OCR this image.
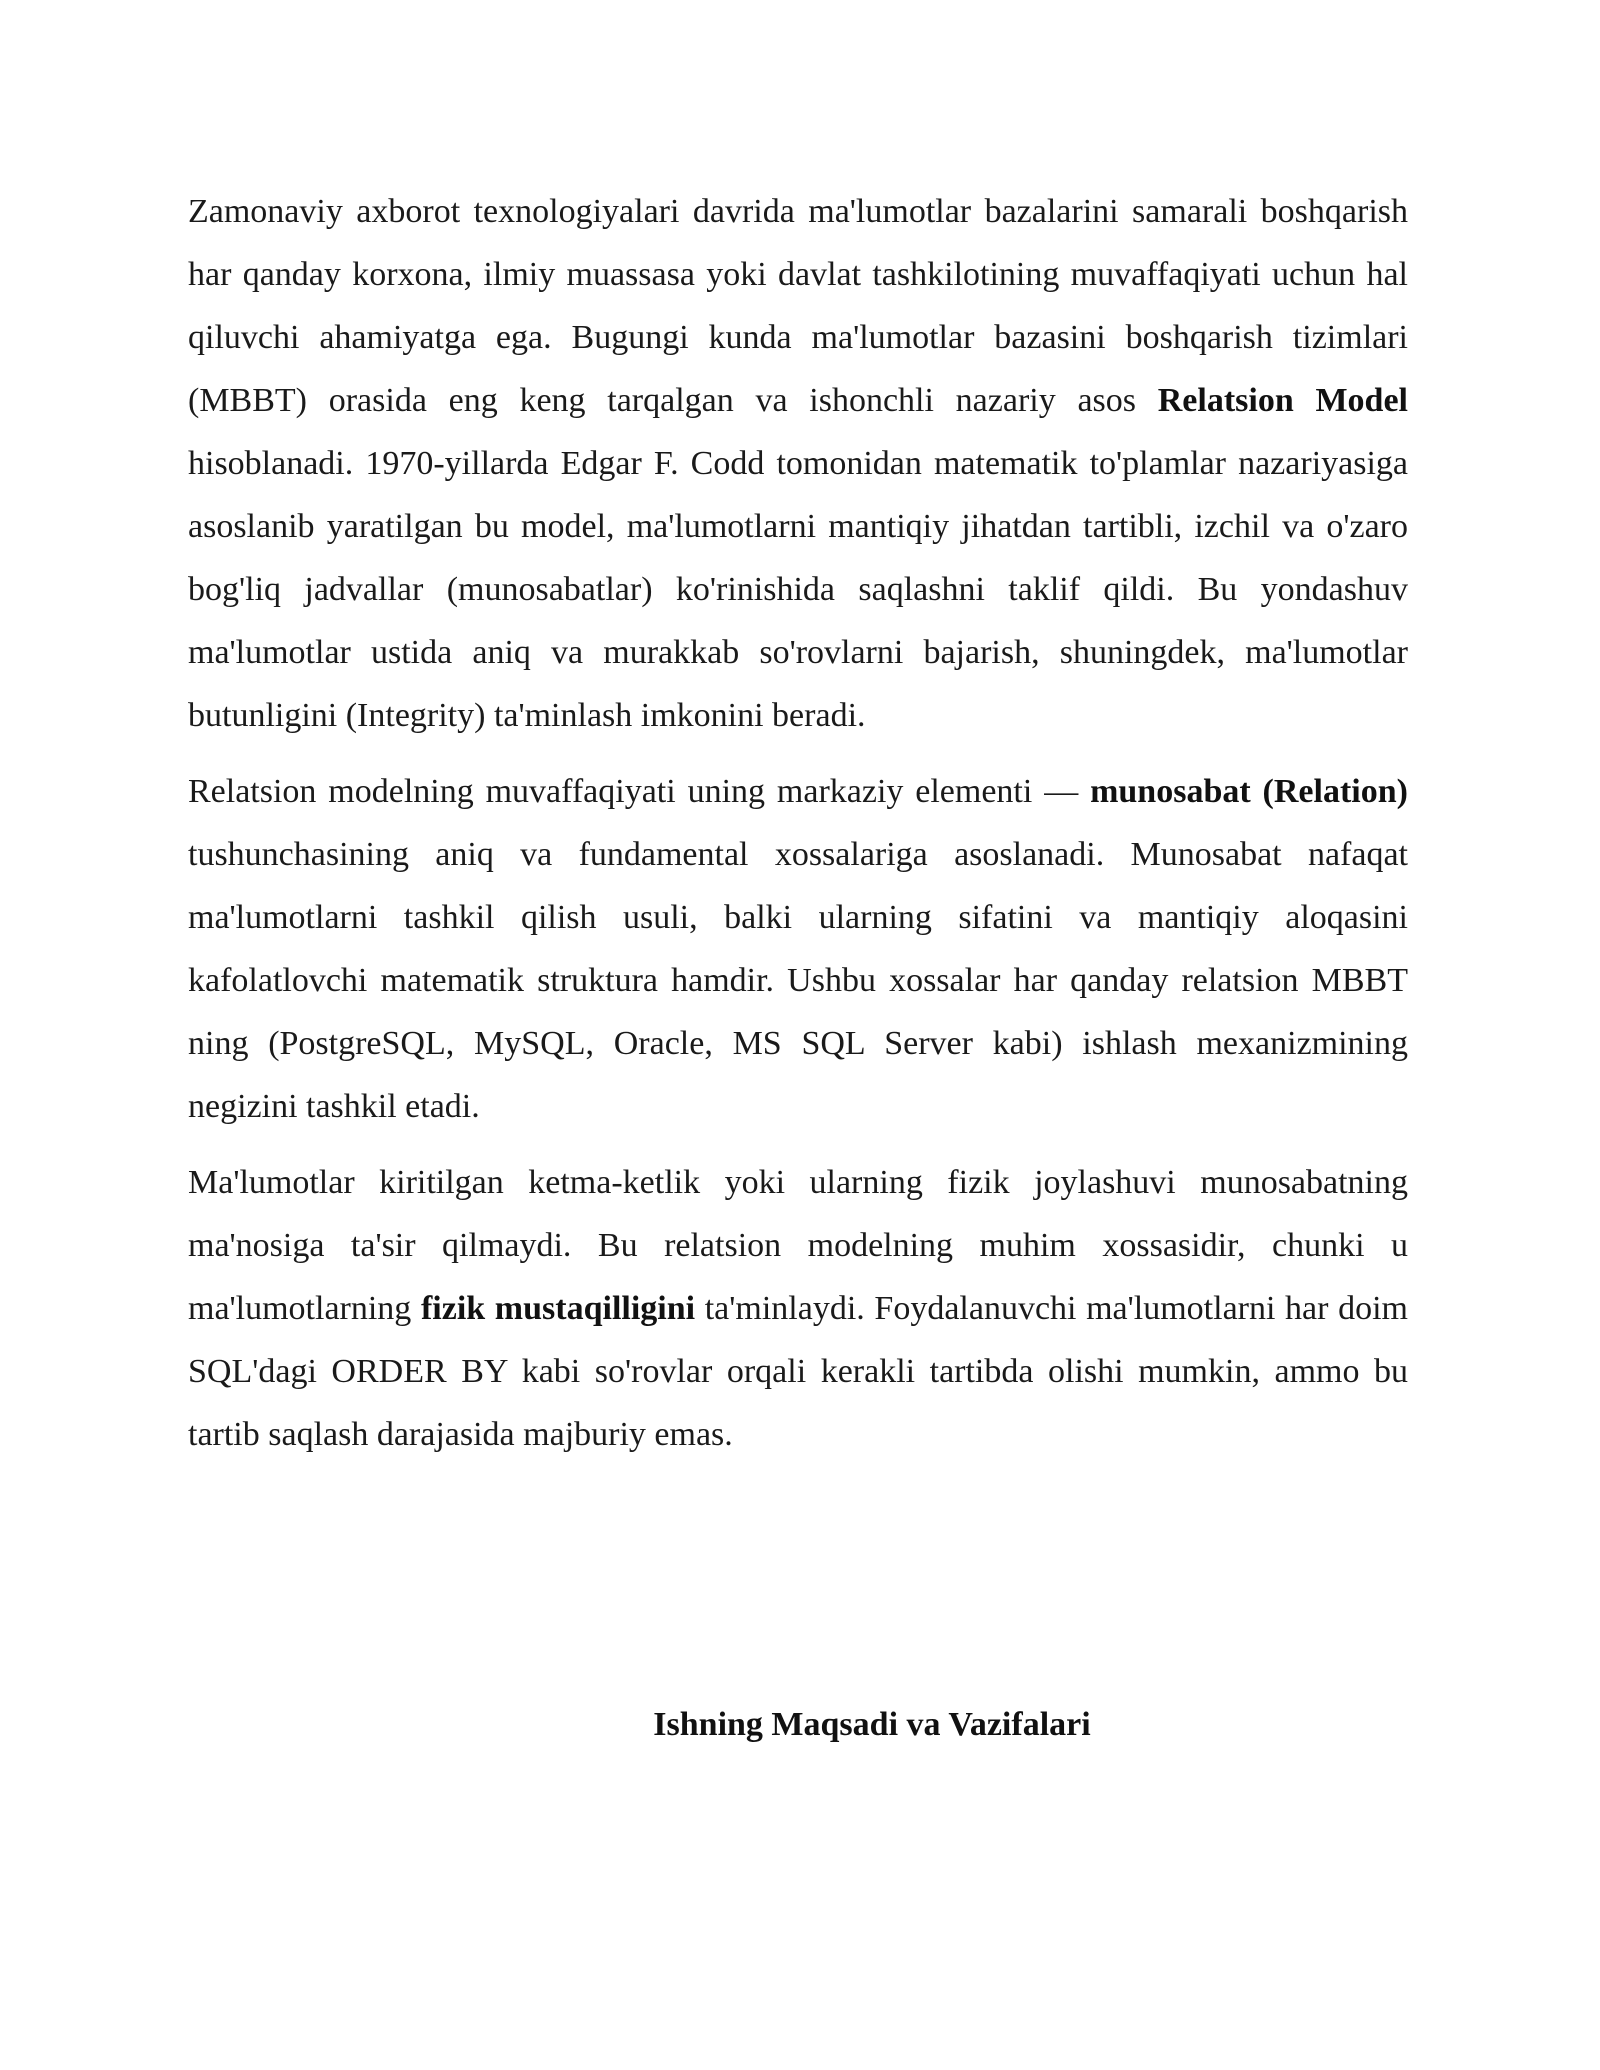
Zamonaviy axborot texnologiyalari davrida ma'lumotlar bazalarini samarali boshqarish har qanday korxona, ilmiy muassasa yoki davlat tashkilotining muvaffaqiyati uchun hal qiluvchi ahamiyatga ega. Bugungi kunda ma'lumotlar bazasini boshqarish tizimlari (MBBT) orasida eng keng tarqalgan va ishonchli nazariy asos Relatsion Model hisoblanadi. 1970-yillarda Edgar F. Codd tomonidan matematik to'plamlar nazariyasiga asoslanib yaratilgan bu model, ma'lumotlarni mantiqiy jihatdan tartibli, izchil va o'zaro bog'liq jadvallar (munosabatlar) ko'rinishida saqlashni taklif qildi. Bu yondashuv ma'lumotlar ustida aniq va murakkab so'rovlarni bajarish, shuningdek, ma'lumotlar butunligini (Integrity) ta'minlash imkonini beradi.

Relatsion modelning muvaffaqiyati uning markaziy elementi — munosabat (Relation) tushunchasining aniq va fundamental xossalariga asoslanadi. Munosabat nafaqat ma'lumotlarni tashkil qilish usuli, balki ularning sifatini va mantiqiy aloqasini kafolatlovchi matematik struktura hamdir. Ushbu xossalar har qanday relatsion MBBT ning (PostgreSQL, MySQL, Oracle, MS SQL Server kabi) ishlash mexanizmining negizini tashkil etadi.

Ma'lumotlar kiritilgan ketma-ketlik yoki ularning fizik joylashuvi munosabatning ma'nosiga ta'sir qilmaydi. Bu relatsion modelning muhim xossasidir, chunki u ma'lumotlarning fizik mustaqilligini ta'minlaydi. Foydalanuvchi ma'lumotlarni har doim SQL'dagi ORDER BY kabi so'rovlar orqali kerakli tartibda olishi mumkin, ammo bu tartib saqlash darajasida majburiy emas.

Ishning Maqsadi va Vazifalari
